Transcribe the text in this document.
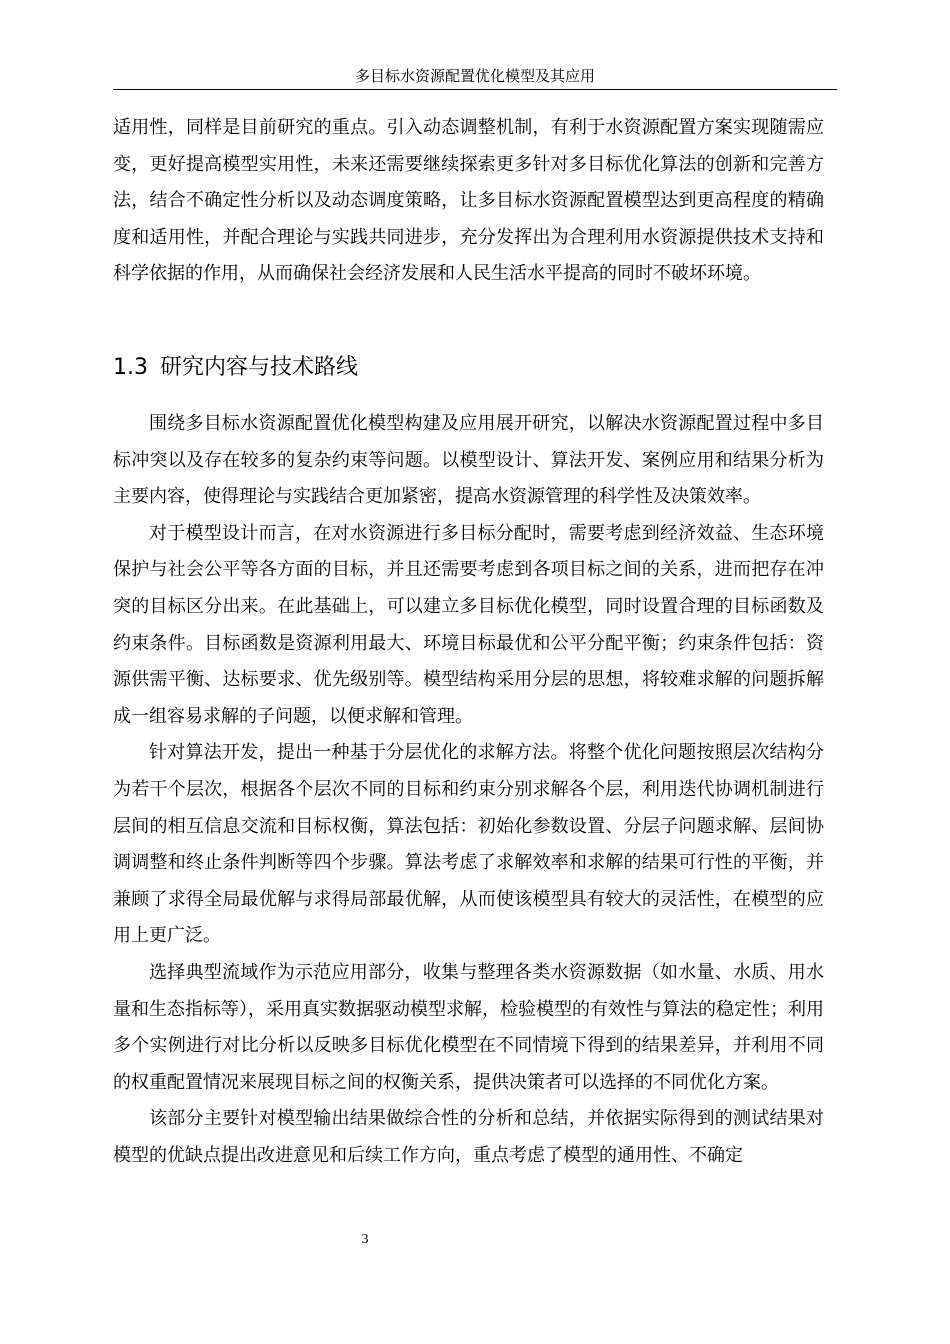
多目标水资源配置优化模型及其应用

适用性，同样是目前研究的重点。引入动态调整机制，有利于水资源配置方案实现随需应变，更好提高模型实用性，未来还需要继续探索更多针对多目标优化算法的创新和完善方法，结合不确定性分析以及动态调度策略，让多目标水资源配置模型达到更高程度的精确度和适用性，并配合理论与实践共同进步，充分发挥出为合理利用水资源提供技术支持和科学依据的作用，从而确保社会经济发展和人民生活水平提高的同时不破坏环境。

1.3 研究内容与技术路线

围绕多目标水资源配置优化模型构建及应用展开研究，以解决水资源配置过程中多目标冲突以及存在较多的复杂约束等问题。以模型设计、算法开发、案例应用和结果分析为主要内容，使得理论与实践结合更加紧密，提高水资源管理的科学性及决策效率。

对于模型设计而言，在对水资源进行多目标分配时，需要考虑到经济效益、生态环境保护与社会公平等各方面的目标，并且还需要考虑到各项目标之间的关系，进而把存在冲突的目标区分出来。在此基础上，可以建立多目标优化模型，同时设置合理的目标函数及约束条件。目标函数是资源利用最大、环境目标最优和公平分配平衡；约束条件包括：资源供需平衡、达标要求、优先级别等。模型结构采用分层的思想，将较难求解的问题拆解成一组容易求解的子问题，以便求解和管理。

针对算法开发，提出一种基于分层优化的求解方法。将整个优化问题按照层次结构分为若干个层次，根据各个层次不同的目标和约束分别求解各个层，利用迭代协调机制进行层间的相互信息交流和目标权衡，算法包括：初始化参数设置、分层子问题求解、层间协调调整和终止条件判断等四个步骤。算法考虑了求解效率和求解的结果可行性的平衡，并兼顾了求得全局最优解与求得局部最优解，从而使该模型具有较大的灵活性，在模型的应用上更广泛。

选择典型流域作为示范应用部分，收集与整理各类水资源数据（如水量、水质、用水量和生态指标等），采用真实数据驱动模型求解，检验模型的有效性与算法的稳定性；利用多个实例进行对比分析以反映多目标优化模型在不同情境下得到的结果差异，并利用不同的权重配置情况来展现目标之间的权衡关系，提供决策者可以选择的不同优化方案。

该部分主要针对模型输出结果做综合性的分析和总结，并依据实际得到的测试结果对模型的优缺点提出改进意见和后续工作方向，重点考虑了模型的通用性、不确定

3
